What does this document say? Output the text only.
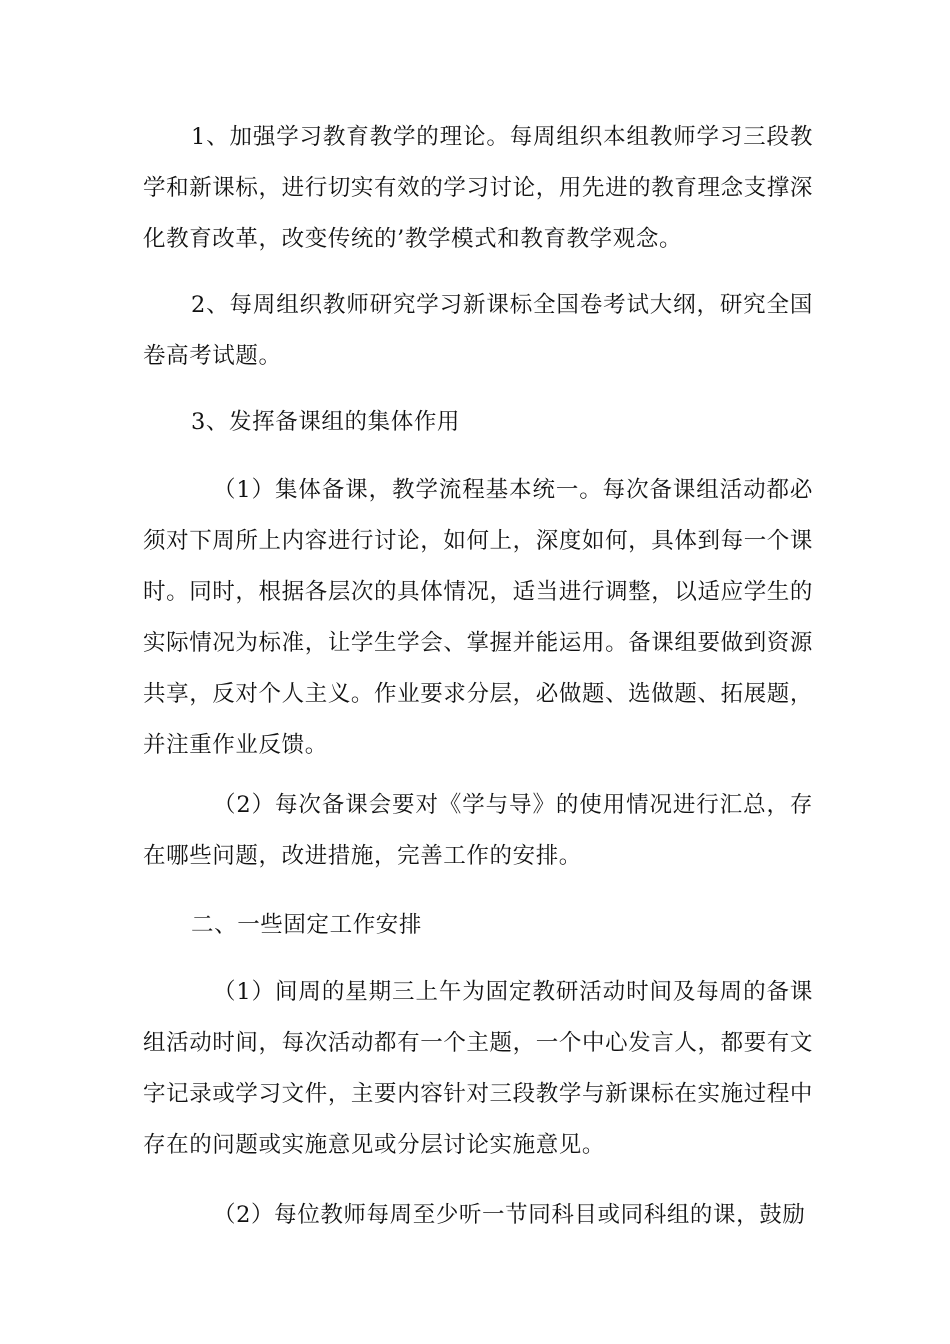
1、加强学习教育教学的理论。每周组织本组教师学习三段教学和新课标，进行切实有效的学习讨论，用先进的教育理念支撑深化教育改革，改变传统的’教学模式和教育教学观念。

2、每周组织教师研究学习新课标全国卷考试大纲，研究全国卷高考试题。

3、发挥备课组的集体作用

（1）集体备课，教学流程基本统一。每次备课组活动都必须对下周所上内容进行讨论，如何上，深度如何，具体到每一个课时。同时，根据各层次的具体情况，适当进行调整，以适应学生的实际情况为标准，让学生学会、掌握并能运用。备课组要做到资源共享，反对个人主义。作业要求分层，必做题、选做题、拓展题，并注重作业反馈。

（2）每次备课会要对《学与导》的使用情况进行汇总，存在哪些问题，改进措施，完善工作的安排。

二、一些固定工作安排

（1）间周的星期三上午为固定教研活动时间及每周的备课组活动时间，每次活动都有一个主题，一个中心发言人，都要有文字记录或学习文件，主要内容针对三段教学与新课标在实施过程中存在的问题或实施意见或分层讨论实施意见。

（2）每位教师每周至少听一节同科目或同科组的课，鼓励
